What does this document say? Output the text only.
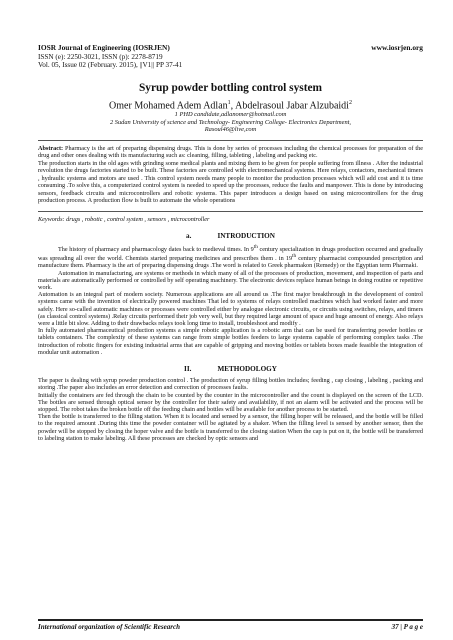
IOSR Journal of Engineering (IOSRJEN)	www.iosrjen.org
ISSN (e): 2250-3021, ISSN (p): 2278-8719
Vol. 05, Issue 02 (February. 2015), ||V1|| PP 37-41
Syrup powder bottling control system
Omer Mohamed Adem Adlan$^1$, Abdelrasoul Jabar Alzubaidi$^2$
1 PHD candidate,adlanomer@hotmail.com
2 Sudan University of science and Technology- Engineering College- Electronics Department,
Rasoul46@live,com

Abstract: Pharmacy is the art of preparing dispensing drugs. This is done by series of processes including the chemical processes for preparation of the drug and other ones dealing with its manufacturing such as: cleaning, filling, tableting , labeling and packing etc.

The production starts in the old ages with grinding some medical plants and mixing them to be given for people suffering from illness . After the industrial revolution the drugs factories started to be built. These factories are controlled with electromechanical systems. Here relays, contactors, mechanical timers , hydraulic systems and motors are used . This control system needs many people to monitor the production processes which will add cost and it is time consuming .To solve this, a computerized control system is needed to speed up the processes, reduce the faults and manpower. This is done by introducing sensors, feedback circuits and microcontrollers and robotic systems. This paper introduces a design based on using microcontrollers for the drug production process. A production flow is built to automate the whole operations

Keywords: drugs , robotic , control system , sensors , microcontroller
a.	INTRODUCTION

The history of pharmacy and pharmacology dates back to medieval times. In 9th century specialization in drugs production occurred and gradually was spreading all over the world. Chemists started preparing medicines and prescribes them . in 19th century pharmacist compounded prescription and manufacture them. Pharmacy is the art of preparing dispensing drugs .The word is related to Greek pharmakon (Remedy) or the Egyptian term Pharmaki.

Automation in manufacturing, are systems or methods in which many of all of the processes of production, movement, and inspection of parts and materials are automatically performed or controlled by self operating machinery. The electronic devices replace human beings in doing routine or repetitive work.

Automation is an integral part of modern society. Numerous applications are all around us .The first major breakthrough in the development of control systems came with the invention of electrically powered machines That led to systems of relays controlled machines which had worked faster and more safely. Here so-called automatic machines or processes were controlled either by analogue electronic circuits, or circuits using switches, relays, and timers (as classical control systems) .Relay circuits performed their job very well, but they required large amount of space and huge amount of energy. Also relays were a little bit slow. Adding to their drawbacks relays took long time to install, troubleshoot and modify .

In fully automated pharmaceutical production systems a simple robotic application is a robotic arm that can be used for transferring powder bottles or tablets containers. The complexity of these systems can range from simple bottles feeders to large systems capable of performing complex tasks .The introduction of robotic fingers for existing industrial arms that are capable of gripping and moving bottles or tablets boxes made feasible the integration of modular unit automation .

II.	METHODOLOGY

The paper is dealing with syrup powder production control . The production of syrup filling bottles includes; feeding , cap closing , labeling , packing and storing .The paper also includes an error detection and correction of processes faults.

Initially the containers are fed through the chain to be counted by the counter in the microcontroller and the count is displayed on the screen of the LCD. The bottles are sensed through optical sensor by the controller for their safety and availability, if not an alarm will be activated and the process will be stopped. The robot takes the broken bottle off the feeding chain and bottles will be available for another process to be started.

Then the bottle is transferred to the filling station. When it is located and sensed by a sensor, the filling hoper will be released, and the bottle will be filled to the required amount .During this time the powder container will be agitated by a shaker. When the filling level is sensed by another sensor, then the powder will be stopped by closing the hoper valve and the bottle is transferred to the closing station When the cap is put on it, the bottle will be transferred to labeling station to make labeling. All these processes are checked by optic sensors and

International organization of Scientific Research	37 | P a g e
